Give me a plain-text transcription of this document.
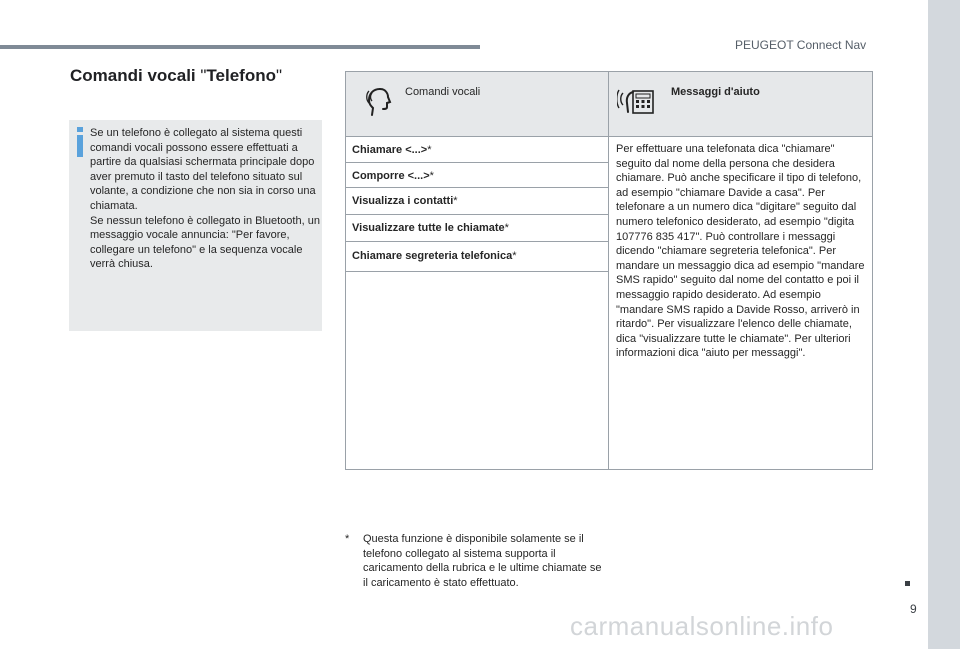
PEUGEOT Connect Nav
Comandi vocali "Telefono"

Se un telefono è collegato al sistema questi comandi vocali possono essere effettuati a partire da qualsiasi schermata principale dopo aver premuto il tasto del telefono situato sul volante, a condizione che non sia in corso una chiamata.

Se nessun telefono è collegato in Bluetooth, un messaggio vocale annuncia: "Per favore, collegare un telefono" e la sequenza vocale verrà chiusa.

Comandi vocali	Messaggi d'aiuto
Chiamare <...>*
Comporre <...>*
Visualizza i contatti*
Visualizzare tutte le chiamate*
Chiamare segreteria telefonica*
Per effettuare una telefonata dica "chiamare" seguito dal nome della persona che desidera chiamare. Può anche specificare il tipo di telefono, ad esempio "chiamare Davide a casa". Per telefonare a un numero dica "digitare" seguito dal numero telefonico desiderato, ad esempio "digita 107776 835 417". Può controllare i messaggi dicendo "chiamare segreteria telefonica". Per mandare un messaggio dica ad esempio "mandare SMS rapido" seguito dal nome del contatto e poi il messaggio rapido desiderato. Ad esempio "mandare SMS rapido a Davide Rosso, arriverò in ritardo". Per visualizzare l'elenco delle chiamate, dica "visualizzare tutte le chiamate". Per ulteriori informazioni dica "aiuto per messaggi".
* Questa funzione è disponibile solamente se il telefono collegato al sistema supporta il caricamento della rubrica e le ultime chiamate se il caricamento è stato effettuato.
9
carmanualsonline.info
